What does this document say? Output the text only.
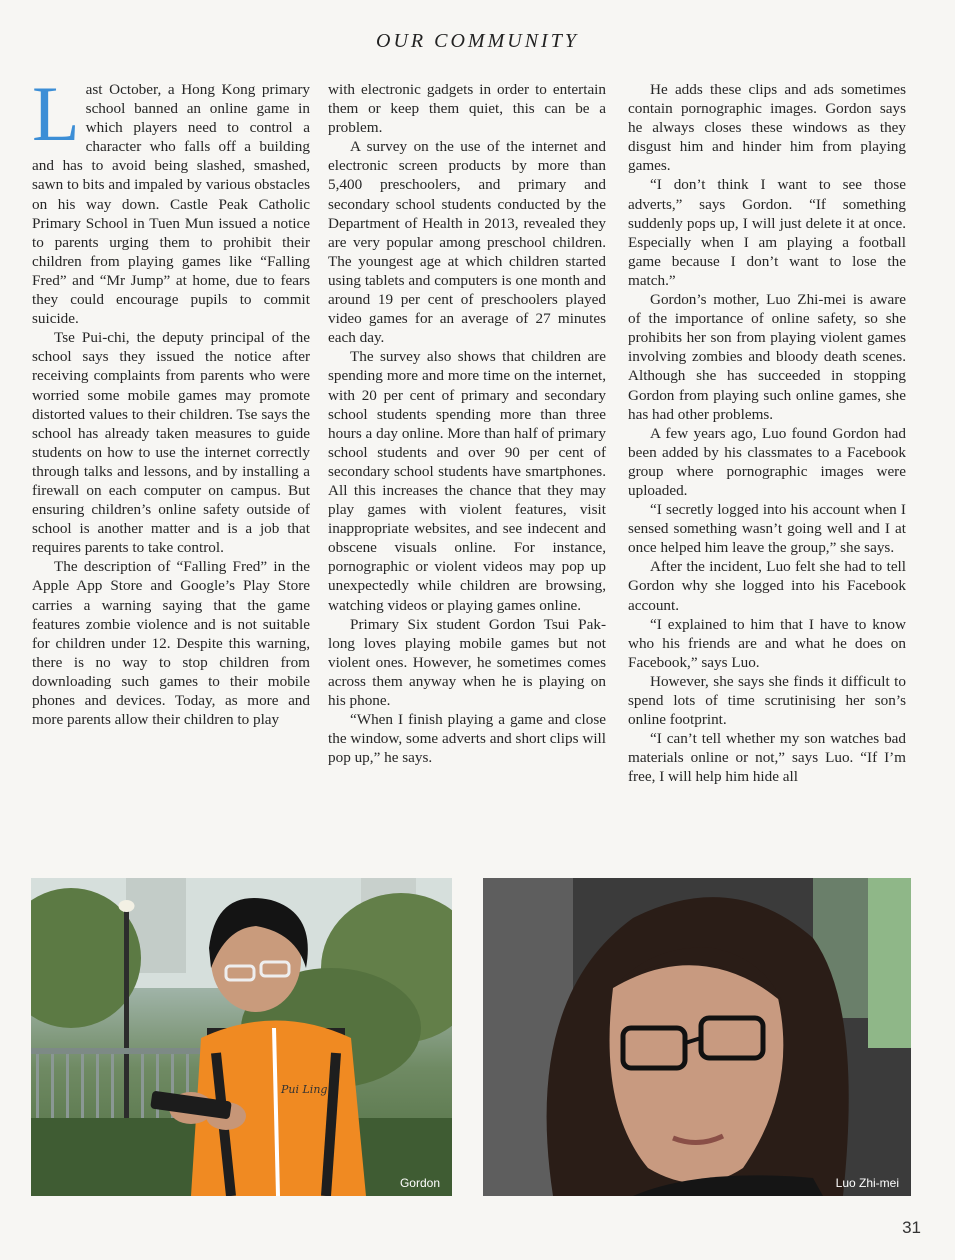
OUR COMMUNITY

Last October, a Hong Kong primary school banned an online game in which players need to control a character who falls off a building and has to avoid being slashed, smashed, sawn to bits and impaled by various obstacles on his way down. Castle Peak Catholic Primary School in Tuen Mun issued a notice to parents urging them to prohibit their children from playing games like “Falling Fred” and “Mr Jump” at home, due to fears they could encourage pupils to commit suicide.

Tse Pui-chi, the deputy principal of the school says they issued the notice after receiving complaints from parents who were worried some mobile games may promote distorted values to their children. Tse says the school has already taken measures to guide students on how to use the internet correctly through talks and lessons, and by installing a firewall on each computer on campus. But ensuring children’s online safety outside of school is another matter and is a job that requires parents to take control.

The description of “Falling Fred” in the Apple App Store and Google’s Play Store carries a warning saying that the game features zombie violence and is not suitable for children under 12. Despite this warning, there is no way to stop children from downloading such games to their mobile phones and devices. Today, as more and more parents allow their children to play

with electronic gadgets in order to entertain them or keep them quiet, this can be a problem.

A survey on the use of the internet and electronic screen products by more than 5,400 preschoolers, and primary and secondary school students conducted by the Department of Health in 2013, revealed they are very popular among preschool children. The youngest age at which children started using tablets and computers is one month and around 19 per cent of preschoolers played video games for an average of 27 minutes each day.

The survey also shows that children are spending more and more time on the internet, with 20 per cent of primary and secondary school students spending more than three hours a day online. More than half of primary school students and over 90 per cent of secondary school students have smartphones. All this increases the chance that they may play games with violent features, visit inappropriate websites, and see indecent and obscene visuals online. For instance, pornographic or violent videos may pop up unexpectedly while children are browsing, watching videos or playing games online.

Primary Six student Gordon Tsui Pak-long loves playing mobile games but not violent ones. However, he sometimes comes across them anyway when he is playing on his phone.

“When I finish playing a game and close the window, some adverts and short clips will pop up,” he says.

He adds these clips and ads sometimes contain pornographic images. Gordon says he always closes these windows as they disgust him and hinder him from playing games.

“I don’t think I want to see those adverts,” says Gordon. “If something suddenly pops up, I will just delete it at once. Especially when I am playing a football game because I don’t want to lose the match.”

Gordon’s mother, Luo Zhi-mei is aware of the importance of online safety, so she prohibits her son from playing violent games involving zombies and bloody death scenes. Although she has succeeded in stopping Gordon from playing such online games, she has had other problems.

A few years ago, Luo found Gordon had been added by his classmates to a Facebook group where pornographic images were uploaded.

“I secretly logged into his account when I sensed something wasn’t going well and I at once helped him leave the group,” she says.

After the incident, Luo felt she had to tell Gordon why she logged into his Facebook account.

“I explained to him that I have to know who his friends are and what he does on Facebook,” says Luo.

However, she says she finds it difficult to spend lots of time scrutinising her son’s online footprint.

“I can’t tell whether my son watches bad materials online or not,” says Luo. “If I’m free, I will help him hide all

Pui Ling
Gordon	Luo Zhi-mei
31
